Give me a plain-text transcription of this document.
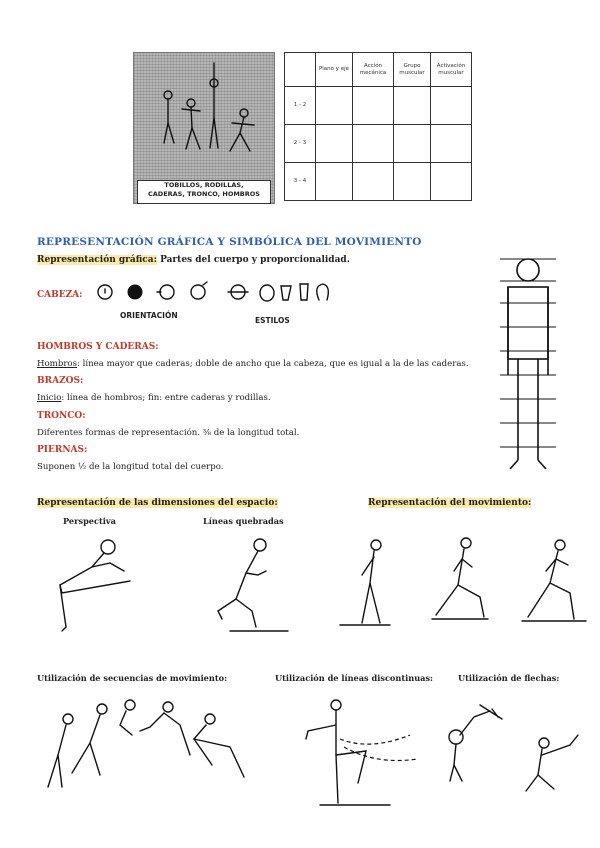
TOBILLOS, RODILLAS,
CADERAS, TRONCO, HOMBROS
	Plano y eje	Acción mecánica	Grupo muscular	Activación muscular
1 - 2				
2 - 3				
3 - 4				
REPRESENTACIÓN GRÁFICA Y SIMBÓLICA DEL MOVIMIENTO
Representación gráfica: Partes del cuerpo y proporcionalidad.
CABEZA:
ORIENTACIÓN
ESTILOS
HOMBROS Y CADERAS:
Hombros: línea mayor que caderas; doble de ancho que la cabeza, que es igual a la de las caderas.
BRAZOS:
Inicio: línea de hombros; fin: entre caderas y rodillas.
TRONCO:
Diferentes formas de representación. ⅜ de la longitud total.
PIERNAS:
Suponen ½ de la longitud total del cuerpo.
Representación de las dimensiones del espacio:	Representación del movimiento:
Perspectiva	Líneas quebradas
Utilización de secuencias de movimiento:	Utilización de líneas discontinuas:	Utilización de flechas:
